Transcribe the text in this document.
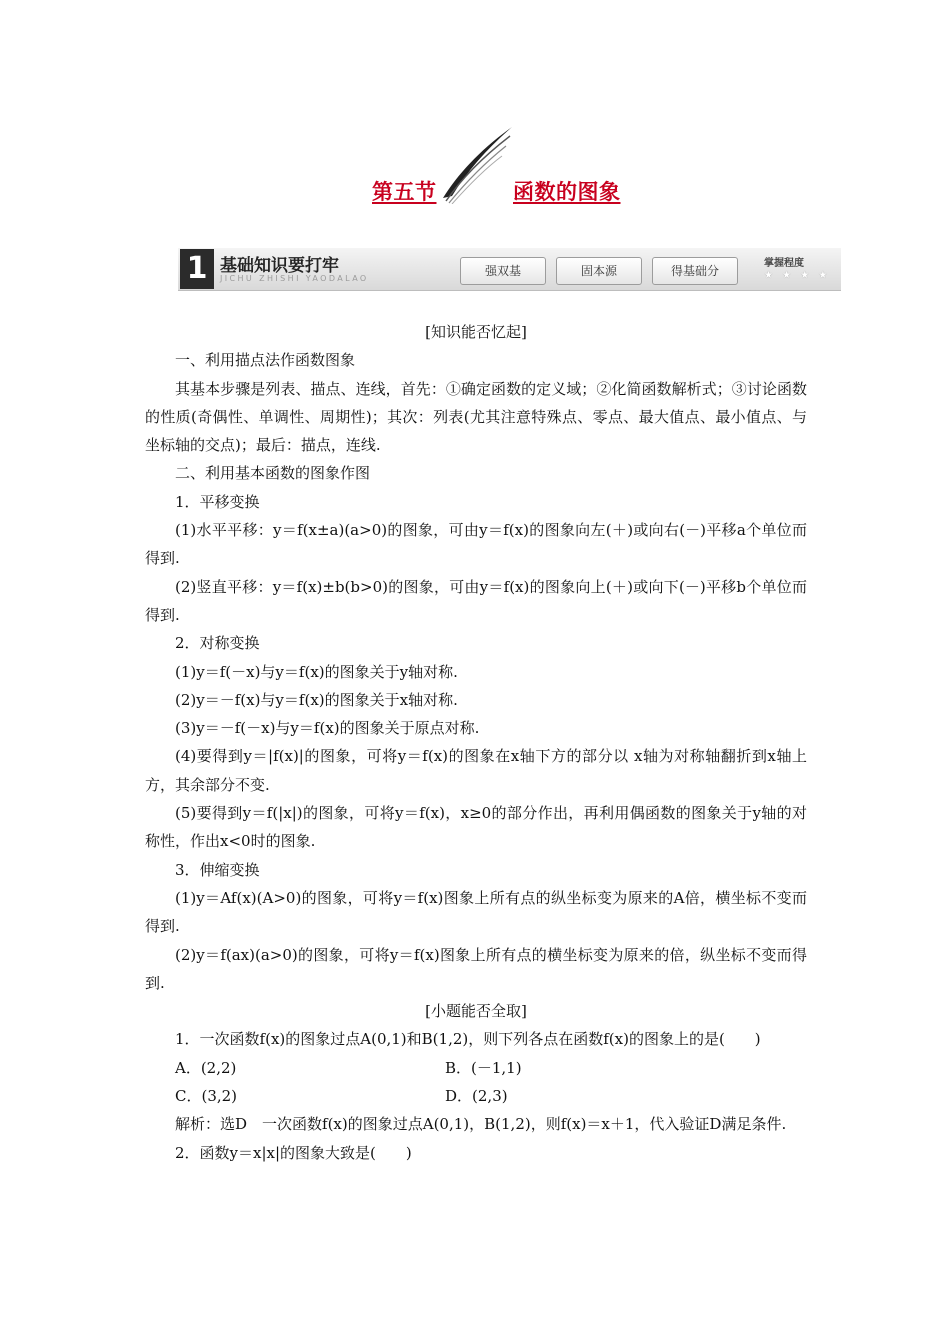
第五节	函数的图象
1 基础知识要打牢
JICHU ZHISHI YAODALAO
强双基	固本源	得基础分
掌握程度
★ ★ ★ ★

[知识能否忆起]

一、利用描点法作函数图象

其基本步骤是列表、描点、连线，首先：①确定函数的定义域；②化简函数解析式；③讨论函数的性质(奇偶性、单调性、周期性)；其次：列表(尤其注意特殊点、零点、最大值点、最小值点、与坐标轴的交点)；最后：描点，连线.

二、利用基本函数的图象作图

1．平移变换

(1)水平平移：y＝f(x±a)(a>0)的图象，可由y＝f(x)的图象向左(＋)或向右(－)平移a个单位而得到.

(2)竖直平移：y＝f(x)±b(b>0)的图象，可由y＝f(x)的图象向上(＋)或向下(－)平移b个单位而得到.

2．对称变换

(1)y＝f(－x)与y＝f(x)的图象关于y轴对称.

(2)y＝－f(x)与y＝f(x)的图象关于x轴对称.

(3)y＝－f(－x)与y＝f(x)的图象关于原点对称.

(4)要得到y＝|f(x)|的图象，可将y＝f(x)的图象在x轴下方的部分以 x轴为对称轴翻折到x轴上方，其余部分不变.

(5)要得到y＝f(|x|)的图象，可将y＝f(x)，x≥0的部分作出，再利用偶函数的图象关于y轴的对称性，作出x<0时的图象.

3．伸缩变换

(1)y＝Af(x)(A>0)的图象，可将y＝f(x)图象上所有点的纵坐标变为原来的A倍，横坐标不变而得到.

(2)y＝f(ax)(a>0)的图象，可将y＝f(x)图象上所有点的横坐标变为原来的倍，纵坐标不变而得到.

[小题能否全取]

1．一次函数f(x)的图象过点A(0,1)和B(1,2)，则下列各点在函数f(x)的图象上的是(　　)

A．(2,2)	B．(－1,1)
C．(3,2)	D．(2,3)

解析：选D　一次函数f(x)的图象过点A(0,1)，B(1,2)，则f(x)＝x＋1，代入验证D满足条件.

2．函数y＝x|x|的图象大致是(　　)
